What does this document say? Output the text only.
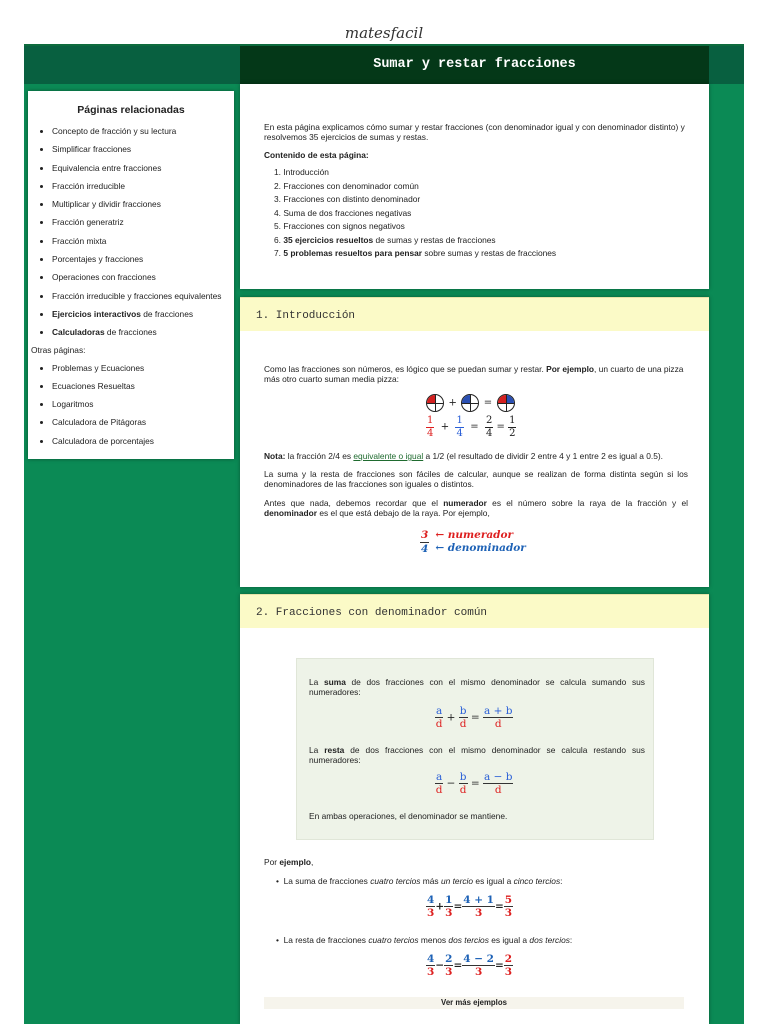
matesfacil
Sumar y restar fracciones
Páginas relacionadas
• Concepto de fracción y su lectura
• Simplificar fracciones
• Equivalencia entre fracciones
• Fracción irreducible
• Multiplicar y dividir fracciones
• Fracción generatriz
• Fracción mixta
• Porcentajes y fracciones
• Operaciones con fracciones
• Fracción irreducible y fracciones equivalentes
• Ejercicios interactivos de fracciones
• Calculadoras de fracciones
Otras páginas:
• Problemas y Ecuaciones
• Ecuaciones Resueltas
• Logaritmos
• Calculadora de Pitágoras
• Calculadora de porcentajes
En esta página explicamos cómo sumar y restar fracciones (con denominador igual y con denominador distinto) y resolvemos 35 ejercicios de sumas y restas.
Contenido de esta página:
1. Introducción
2. Fracciones con denominador común
3. Fracciones con distinto denominador
4. Suma de dos fracciones negativas
5. Fracciones con signos negativos
6. 35 ejercicios resueltos de sumas y restas de fracciones
7. 5 problemas resueltos para pensar sobre sumas y restas de fracciones
1. Introducción
Como las fracciones son números, es lógico que se puedan sumar y restar. Por ejemplo, un cuarto de una pizza más otro cuarto suman media pizza:
+	=
$\frac{1}{4} + \frac{1}{4} = \frac{2}{4} = \frac{1}{2}$
Nota: la fracción 2/4 es equivalente o igual a 1/2 (el resultado de dividir 2 entre 4 y 1 entre 2 es igual a 0.5).
La suma y la resta de fracciones son fáciles de calcular, aunque se realizan de forma distinta según si los denominadores de las fracciones son iguales o distintos.
Antes que nada, debemos recordar que el numerador es el número sobre la raya de la fracción y el denominador es el que está debajo de la raya. Por ejemplo,
$\frac{3}{4}$ ← numerador
← denominador
2. Fracciones con denominador común
La suma de dos fracciones con el mismo denominador se calcula sumando sus numeradores:
$\frac{a}{d} + \frac{b}{d} = \frac{a + b}{d}$
La resta de dos fracciones con el mismo denominador se calcula restando sus numeradores:
$\frac{a}{d} - \frac{b}{d} = \frac{a - b}{d}$
En ambas operaciones, el denominador se mantiene.
Por ejemplo,
•  La suma de fracciones cuatro tercios más un tercio es igual a cinco tercios:
$\frac{4}{3} + \frac{1}{3} = \frac{4 + 1}{3} = \frac{5}{3}$
•  La resta de fracciones cuatro tercios menos dos tercios es igual a dos tercios:
$\frac{4}{3} - \frac{2}{3} = \frac{4 - 2}{3} = \frac{2}{3}$
Ver más ejemplos
